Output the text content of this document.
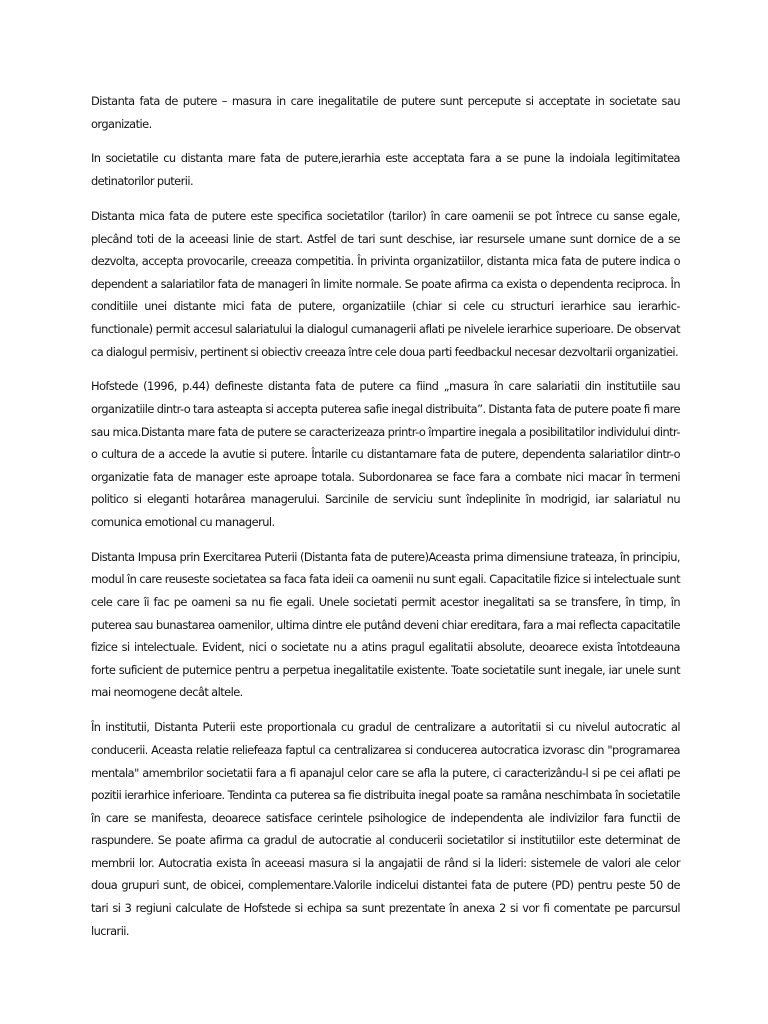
Distanta fata de putere – masura in care inegalitatile de putere sunt percepute si acceptate in societate sau organizatie.

In societatile cu distanta mare fata de putere,ierarhia este acceptata fara a se pune la indoiala legitimitatea detinatorilor puterii.

Distanta mica fata de putere este specifica societatilor (tarilor) în care oamenii se pot întrece cu sanse egale, plecând toti de la aceeasi linie de start. Astfel de tari sunt deschise, iar resursele umane sunt dornice de a se dezvolta, accepta provocarile, creeaza competitia. În privinta organizatiilor, distanta mica fata de putere indica o dependent a salariatilor fata de manageri în limite normale. Se poate afirma ca exista o dependenta reciproca. În conditiile unei distante mici fata de putere, organizatiile (chiar si cele cu structuri ierarhice sau ierarhic-functionale) permit accesul salariatului la dialogul cumanagerii aflati pe nivelele ierarhice superioare. De observat ca dialogul permisiv, pertinent si obiectiv creeaza între cele doua parti feedbackul necesar dezvoltarii organizatiei.

Hofstede (1996, p.44) defineste distanta fata de putere ca fiind „masura în care salariatii din institutiile sau organizatiile dintr-o tara asteapta si accepta puterea safie inegal distribuita”. Distanta fata de putere poate fi mare sau mica.Distanta mare fata de putere se caracterizeaza printr-o împartire inegala a posibilitatilor individului dintr-o cultura de a accede la avutie si putere. Întarile cu distantamare fata de putere, dependenta salariatilor dintr-o organizatie fata de manager este aproape totala. Subordonarea se face fara a combate nici macar în termeni politico si eleganti hotarârea managerului. Sarcinile de serviciu sunt îndeplinite în modrigid, iar salariatul nu comunica emotional cu managerul.

Distanta Impusa prin Exercitarea Puterii (Distanta fata de putere)Aceasta prima dimensiune trateaza, în principiu, modul în care reuseste societatea sa faca fata ideii ca oamenii nu sunt egali. Capacitatile fizice si intelectuale sunt cele care îi fac pe oameni sa nu fie egali. Unele societati permit acestor inegalitati sa se transfere, în timp, în puterea sau bunastarea oamenilor, ultima dintre ele putând deveni chiar ereditara, fara a mai reflecta capacitatile fizice si intelectuale. Evident, nici o societate nu a atins pragul egalitatii absolute, deoarece exista întotdeauna forte suficient de puternice pentru a perpetua inegalitatile existente. Toate societatile sunt inegale, iar unele sunt mai neomogene decât altele.

În institutii, Distanta Puterii este proportionala cu gradul de centralizare a autoritatii si cu nivelul autocratic al conducerii. Aceasta relatie reliefeaza faptul ca centralizarea si conducerea autocratica izvorasc din "programarea mentala" amembrilor societatii fara a fi apanajul celor care se afla la putere, ci caracterizându-l si pe cei aflati pe pozitii ierarhice inferioare. Tendinta ca puterea sa fie distribuita inegal poate sa ramâna neschimbata în societatile în care se manifesta, deoarece satisface cerintele psihologice de independenta ale indivizilor fara functii de raspundere. Se poate afirma ca gradul de autocratie al conducerii societatilor si institutiilor este determinat de membrii lor. Autocratia exista în aceeasi masura si la angajatii de rând si la lideri: sistemele de valori ale celor doua grupuri sunt, de obicei, complementare.Valorile indicelui distantei fata de putere (PD) pentru peste 50 de tari si 3 regiuni calculate de Hofstede si echipa sa sunt prezentate în anexa 2 si vor fi comentate pe parcursul lucrarii.
